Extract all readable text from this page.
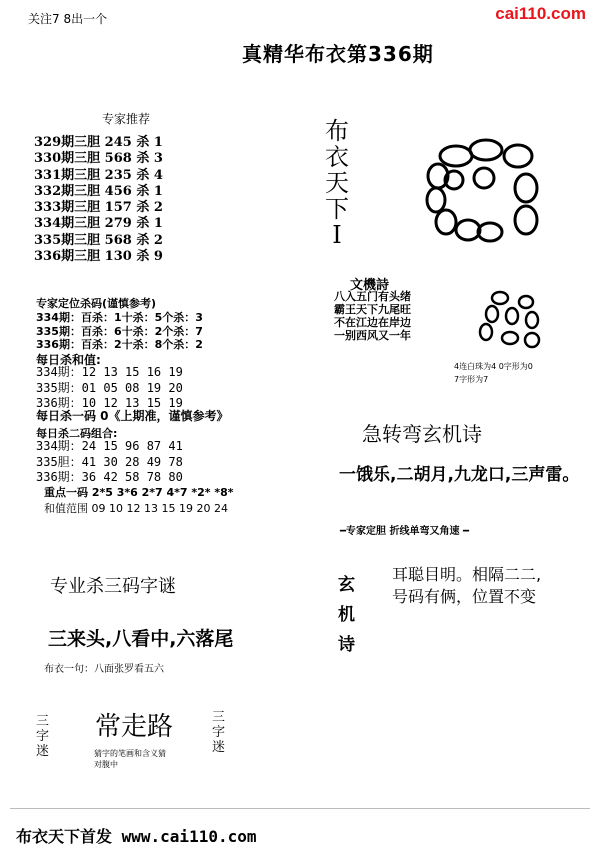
关注7 8出一个	cai110.com
真精华布衣第336期
专家推荐
329期三胆 245 杀 1
330期三胆 568 杀 3
331期三胆 235 杀 4
332期三胆 456 杀 1
333期三胆 157 杀 2
334期三胆 279 杀 1
335期三胆 568 杀 2
336期三胆 130 杀 9
专家定位杀码(谨慎参考)
334期：百杀：1十杀：5个杀：3
335期：百杀：6十杀：2个杀：7
336期：百杀：2十杀：8个杀：2
每日杀和值:
334期：12 13 15 16 19
335期：01 05 08 19 20
336期：10 12 13 15 19
每日杀一码 0《上期准，谨慎参考》
每日杀二码组合:
334期：24 15 96 87 41
335胆：41 30 28 49 78
336期：36 42 58 78 80
重点一码 2*5 3*6 2*7 4*7 *2* *8*
和值范围 09 10 12 13 15 19 20 24
专业杀三码字谜
三来头,八看中,六落尾
布衣一句：八面张罗看五六
三字迷
常走路
猜字的笔画和含义猜
对腹中
三字迷
布衣天下Ⅰ
文機詩
八入五门有头绪
霸王天下九尾旺
不在江边在岸边
一别西风又一年
4连白珠为4 0字形为0
7字形为7
急转弯玄机诗
一饿乐,二胡月,九龙口,三声雷。
━专家定胆 折线单弯又角速 ━
玄机诗
耳聪目明。相隔二二,
号码有俩，位置不变
布衣天下首发 www.cai110.com
